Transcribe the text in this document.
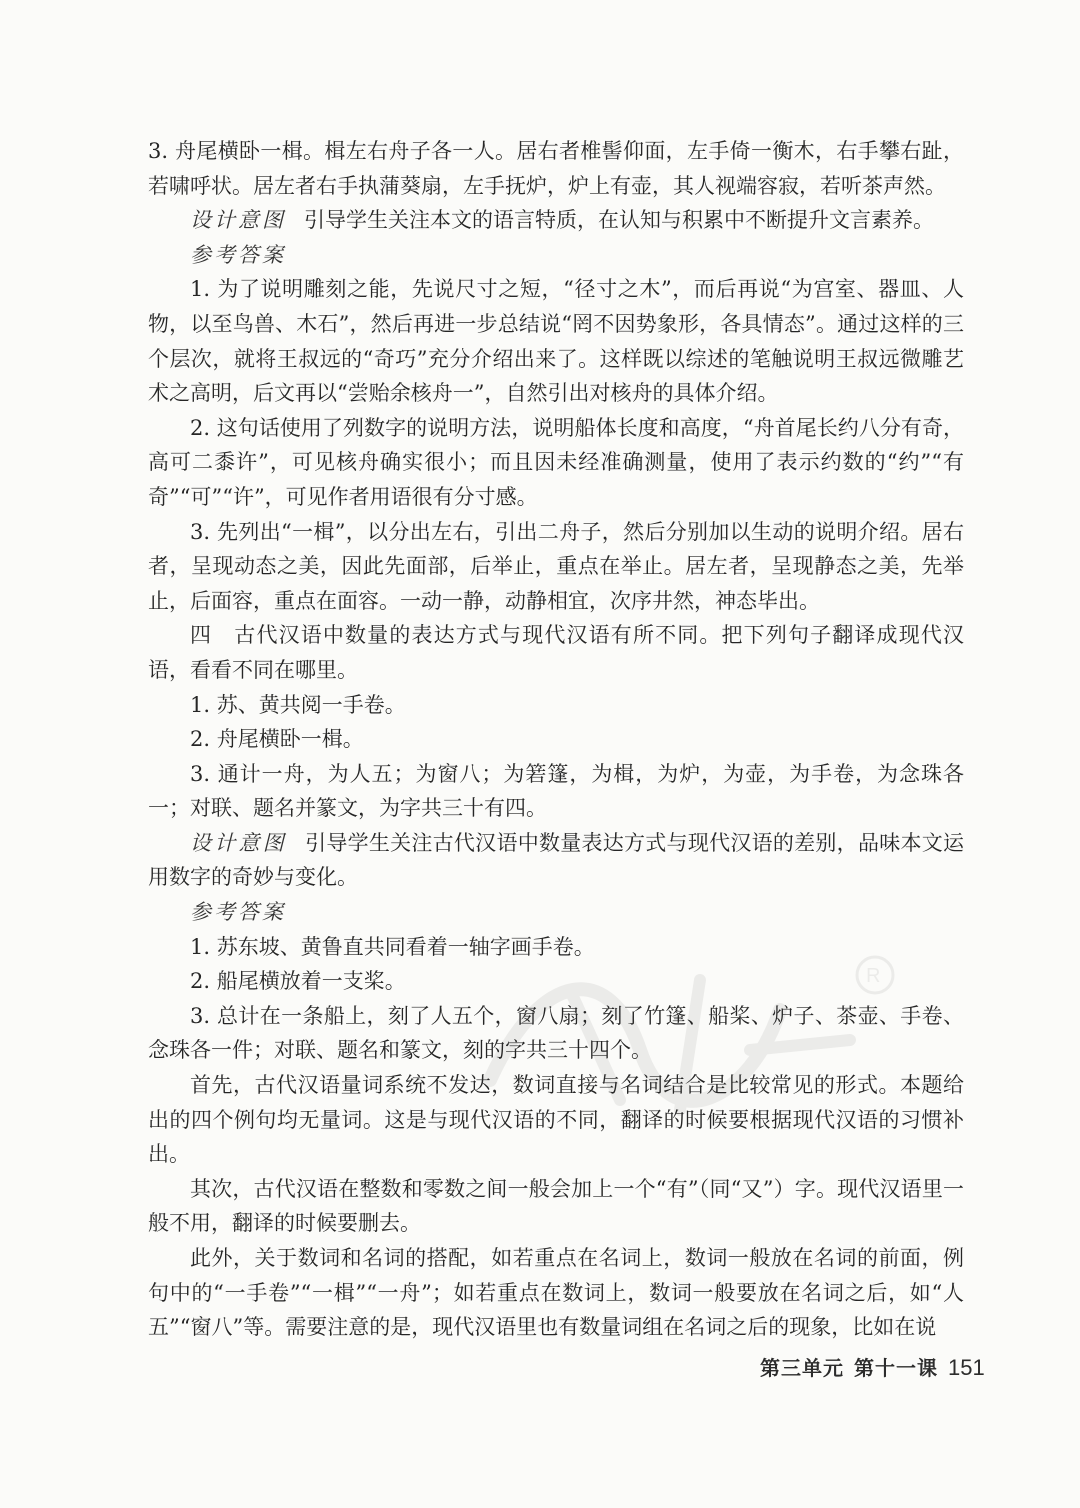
R

3. 舟尾横卧一楫。楫左右舟子各一人。居右者椎髻仰面，左手倚一衡木，右手攀右趾，若啸呼状。居左者右手执蒲葵扇，左手抚炉，炉上有壶，其人视端容寂，若听茶声然。

设计意图 引导学生关注本文的语言特质，在认知与积累中不断提升文言素养。

参考答案

1. 为了说明雕刻之能，先说尺寸之短，“径寸之木”，而后再说“为宫室、器皿、人物，以至鸟兽、木石”，然后再进一步总结说“罔不因势象形，各具情态”。通过这样的三个层次，就将王叔远的“奇巧”充分介绍出来了。这样既以综述的笔触说明王叔远微雕艺术之高明，后文再以“尝贻余核舟一”，自然引出对核舟的具体介绍。

2. 这句话使用了列数字的说明方法，说明船体长度和高度，“舟首尾长约八分有奇，高可二黍许”，可见核舟确实很小；而且因未经准确测量，使用了表示约数的“约”“有奇”“可”“许”，可见作者用语很有分寸感。

3. 先列出“一楫”，以分出左右，引出二舟子，然后分别加以生动的说明介绍。居右者，呈现动态之美，因此先面部，后举止，重点在举止。居左者，呈现静态之美，先举止，后面容，重点在面容。一动一静，动静相宜，次序井然，神态毕出。

四　古代汉语中数量的表达方式与现代汉语有所不同。把下列句子翻译成现代汉语，看看不同在哪里。

1. 苏、黄共阅一手卷。

2. 舟尾横卧一楫。

3. 通计一舟，为人五；为窗八；为箬篷，为楫，为炉，为壶，为手卷，为念珠各一；对联、题名并篆文，为字共三十有四。

设计意图 引导学生关注古代汉语中数量表达方式与现代汉语的差别，品味本文运用数字的奇妙与变化。

参考答案

1. 苏东坡、黄鲁直共同看着一轴字画手卷。

2. 船尾横放着一支桨。

3. 总计在一条船上，刻了人五个，窗八扇；刻了竹篷、船桨、炉子、茶壶、手卷、念珠各一件；对联、题名和篆文，刻的字共三十四个。

首先，古代汉语量词系统不发达，数词直接与名词结合是比较常见的形式。本题给出的四个例句均无量词。这是与现代汉语的不同，翻译的时候要根据现代汉语的习惯补出。

其次，古代汉语在整数和零数之间一般会加上一个“有”（同“又”）字。现代汉语里一般不用，翻译的时候要删去。

此外，关于数词和名词的搭配，如若重点在名词上，数词一般放在名词的前面，例句中的“一手卷”“一楫”“一舟”；如若重点在数词上，数词一般要放在名词之后，如“人五”“窗八”等。需要注意的是，现代汉语里也有数量词组在名词之后的现象，比如在说

第三单元 第十一课 151
